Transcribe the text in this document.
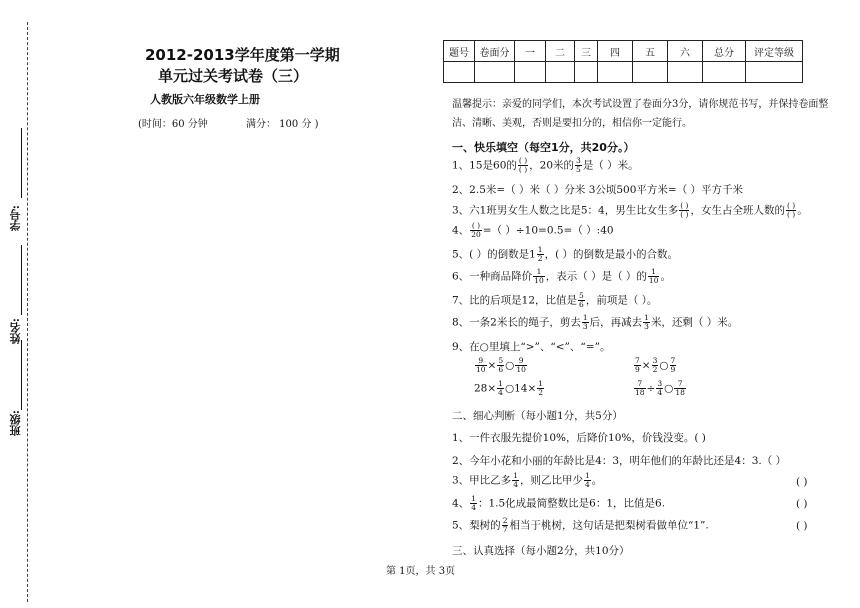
学号:
姓名:
班级:
2012-2013学年度第一学期
单元过关考试卷（三）
人教版六年级数学上册
(时间：60 分钟	满分： 100 分 )
题号	卷面分	一	二	三	四	五	六	总分	评定等级

温馨提示：亲爱的同学们，本次考试设置了卷面分3分，请你规范书写，并保持卷面整
洁、清晰、美观，否则是要扣分的，相信你一定能行。
一、快乐填空（每空1分，共20分。）
1、15是60的 $\frac{( )}{( )}$ ，20米的 $\frac{3}{5}$ 是（ ）米。
2、2.5米=（ ）米（ ）分米 3公顷500平方米=（ ）平方千米
3、六1班男女生人数之比是5：4，男生比女生多 $\frac{( )}{( )}$ ，女生占全班人数的 $\frac{( )}{( )}$ 。
4、 $\frac{( )}{20}$ =（ ）÷10=0.5=（ ）:40
5、( ）的倒数是$1 \frac{1}{2}$ ，( ）的倒数是最小的合数。
6、一种商品降价 $\frac{1}{10}$ ，表示（ ）是（ ）的 $\frac{1}{10}$ 。
7、比的后项是12，比值是 $\frac{5}{6}$ ，前项是（ ）。
8、一条2米长的绳子，剪去 $\frac{1}{3}$ 后，再减去 $\frac{1}{3}$ 米，还剩（ ）米。
9、在○里填上“>”、“<”、“=”。
$\frac{9}{10} \times \frac{5}{6}$ ○ $\frac{9}{10}$	$\frac{7}{9} \times \frac{3}{2}$ ○ $\frac{7}{9}$
$28\times \frac{1}{4}$ ○14× $\frac{1}{2}$	$\frac{7}{18} \div \frac{3}{4}$ ○ $\frac{7}{18}$
二、细心判断（每小题1分，共5分）
1、一件衣服先提价10%，后降价10%，价钱没变。( )
2、今年小花和小丽的年龄比是4：3，明年他们的年龄比还是4：3.（ ）
3、甲比乙多 $\frac{1}{4}$ ，则乙比甲少 $\frac{1}{4}$ 。	( )
4、 $\frac{1}{4}$ ：1.5化成最简整数比是6：1，比值是6.	( )
5、梨树的 $\frac{2}{7}$ 相当于桃树，这句话是把梨树看做单位“1”.	( )
三、认真选择（每小题2分，共10分）
第 1页，共 3页
